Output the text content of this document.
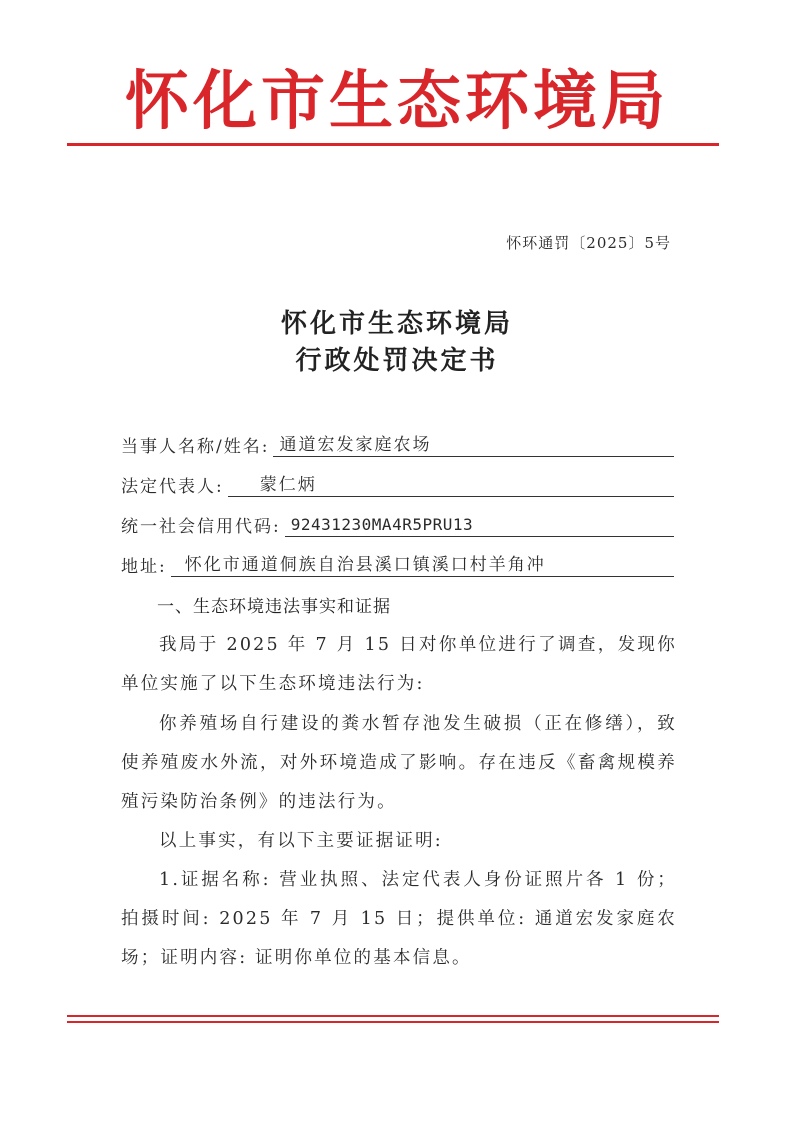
怀化市生态环境局
怀环通罚〔2025〕5号
怀化市生态环境局
行政处罚决定书
当事人名称/姓名: 通道宏发家庭农场
法定代表人:	蒙仁炳
统一社会信用代码: 92431230MA4R5PRU13
地址:	怀化市通道侗族自治县溪口镇溪口村羊角冲
一、生态环境违法事实和证据
我局于 2025 年 7 月 15 日对你单位进行了调查，发现你单位实施了以下生态环境违法行为:
你养殖场自行建设的粪水暂存池发生破损（正在修缮），致使养殖废水外流，对外环境造成了影响。存在违反《畜禽规模养殖污染防治条例》的违法行为。
以上事实，有以下主要证据证明:
1.证据名称: 营业执照、法定代表人身份证照片各 1 份；拍摄时间: 2025 年 7 月 15 日；提供单位: 通道宏发家庭农场；证明内容: 证明你单位的基本信息。
